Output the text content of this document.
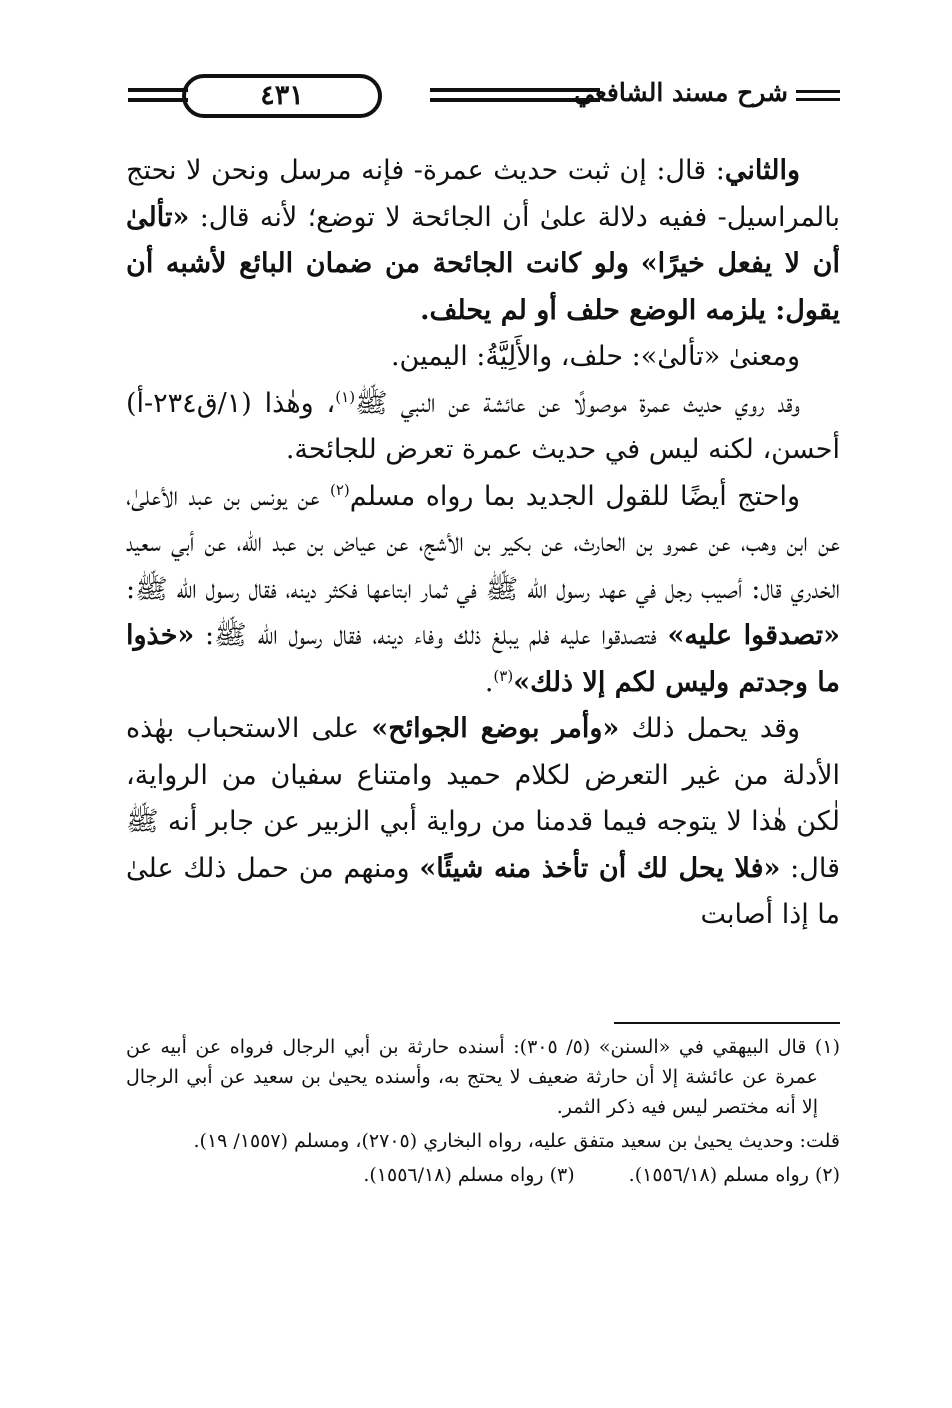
شرح مسند الشافعي
٤٣١

والثاني: قال: إن ثبت حديث عمرة- فإنه مرسل ونحن لا نحتج بالمراسيل- ففيه دلالة علىٰ أن الجائحة لا توضع؛ لأنه قال: «تألىٰ أن لا يفعل خيرًا» ولو كانت الجائحة من ضمان البائع لأشبه أن يقول: يلزمه الوضع حلف أو لم يحلف.

ومعنىٰ «تألىٰ»: حلف، والأَلِيَّةُ: اليمين.

وقد روي حديث عمرة موصولًا عن عائشة عن النبي ﷺ$^{(١)}$، وهٰذا (١/ق٢٣٤-أ) أحسن، لكنه ليس في حديث عمرة تعرض للجائحة.

واحتج أيضًا للقول الجديد بما رواه مسلم$^{(٢)}$ عن يونس بن عبد الأعلىٰ، عن ابن وهب، عن عمرو بن الحارث، عن بكير بن الأشج، عن عياض بن عبد الله، عن أبي سعيد الخدري قال: أصيب رجل في عهد رسول الله ﷺ في ثمار ابتاعها فكثر دينه، فقال رسول الله ﷺ: «تصدقوا عليه» فتصدقوا عليه فلم يبلغ ذلك وفاء دينه، فقال رسول الله ﷺ: «خذوا ما وجدتم وليس لكم إلا ذلك»$^{(٣)}$.

وقد يحمل ذلك «وأمر بوضع الجوائح» على الاستحباب بهٰذه الأدلة من غير التعرض لكلام حميد وامتناع سفيان من الرواية، لٰكن هٰذا لا يتوجه فيما قدمنا من رواية أبي الزبير عن جابر أنه ﷺ قال: «فلا يحل لك أن تأخذ منه شيئًا» ومنهم من حمل ذلك علىٰ ما إذا أصابت

(١) قال البيهقي في «السنن» (٥/ ٣٠٥): أسنده حارثة بن أبي الرجال فرواه عن أبيه عن عمرة عن عائشة إلا أن حارثة ضعيف لا يحتج به، وأسنده يحيىٰ بن سعيد عن أبي الرجال إلا أنه مختصر ليس فيه ذكر الثمر.

قلت: وحديث يحيىٰ بن سعيد متفق عليه، رواه البخاري (٢٧٠٥)، ومسلم (١٥٥٧/ ١٩).

(٢) رواه مسلم (١٥٥٦/١٨).
(٣) رواه مسلم (١٥٥٦/١٨).
